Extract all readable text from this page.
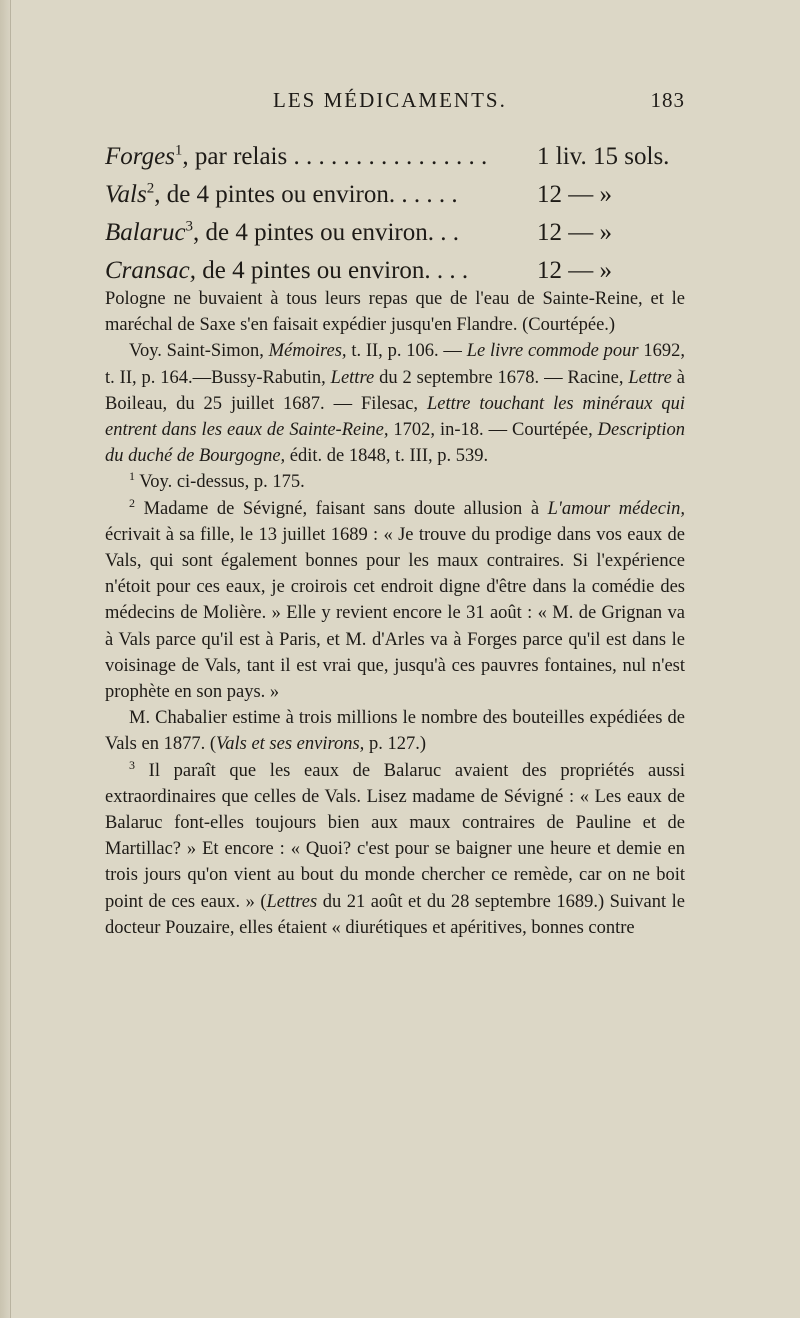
LES MÉDICAMENTS.	183
Forges$^1$, par relais . . . . . . . . . . . . . . . . 1 liv. 15 sols.
Vals$^2$, de 4 pintes ou environ. . . . . .	12 — »
Balaruc$^3$, de 4 pintes ou environ. . .	12 — »
Cransac, de 4 pintes ou environ. . . .	12 — »

Pologne ne buvaient à tous leurs repas que de l'eau de Sainte-Reine, et le maréchal de Saxe s'en faisait expédier jusqu'en Flandre. (Courtépée.)

Voy. Saint-Simon, Mémoires, t. II, p. 106. — Le livre commode pour 1692, t. II, p. 164.—Bussy-Rabutin, Lettre du 2 septembre 1678. — Racine, Lettre à Boileau, du 25 juillet 1687. — Filesac, Lettre touchant les minéraux qui entrent dans les eaux de Sainte-Reine, 1702, in-18. — Courtépée, Description du duché de Bourgogne, édit. de 1848, t. III, p. 539.

$^1$ Voy. ci-dessus, p. 175.

$^2$ Madame de Sévigné, faisant sans doute allusion à L'amour médecin, écrivait à sa fille, le 13 juillet 1689 : « Je trouve du prodige dans vos eaux de Vals, qui sont également bonnes pour les maux contraires. Si l'expérience n'étoit pour ces eaux, je croirois cet endroit digne d'être dans la comédie des médecins de Molière. » Elle y revient encore le 31 août : « M. de Grignan va à Vals parce qu'il est à Paris, et M. d'Arles va à Forges parce qu'il est dans le voisinage de Vals, tant il est vrai que, jusqu'à ces pauvres fontaines, nul n'est prophète en son pays. »

M. Chabalier estime à trois millions le nombre des bouteilles expédiées de Vals en 1877. (Vals et ses environs, p. 127.)

$^3$ Il paraît que les eaux de Balaruc avaient des propriétés aussi extraordinaires que celles de Vals. Lisez madame de Sévigné : « Les eaux de Balaruc font-elles toujours bien aux maux contraires de Pauline et de Martillac? » Et encore : « Quoi? c'est pour se baigner une heure et demie en trois jours qu'on vient au bout du monde chercher ce remède, car on ne boit point de ces eaux. » (Lettres du 21 août et du 28 septembre 1689.) Suivant le docteur Pouzaire, elles étaient « diurétiques et apéritives, bonnes contre
